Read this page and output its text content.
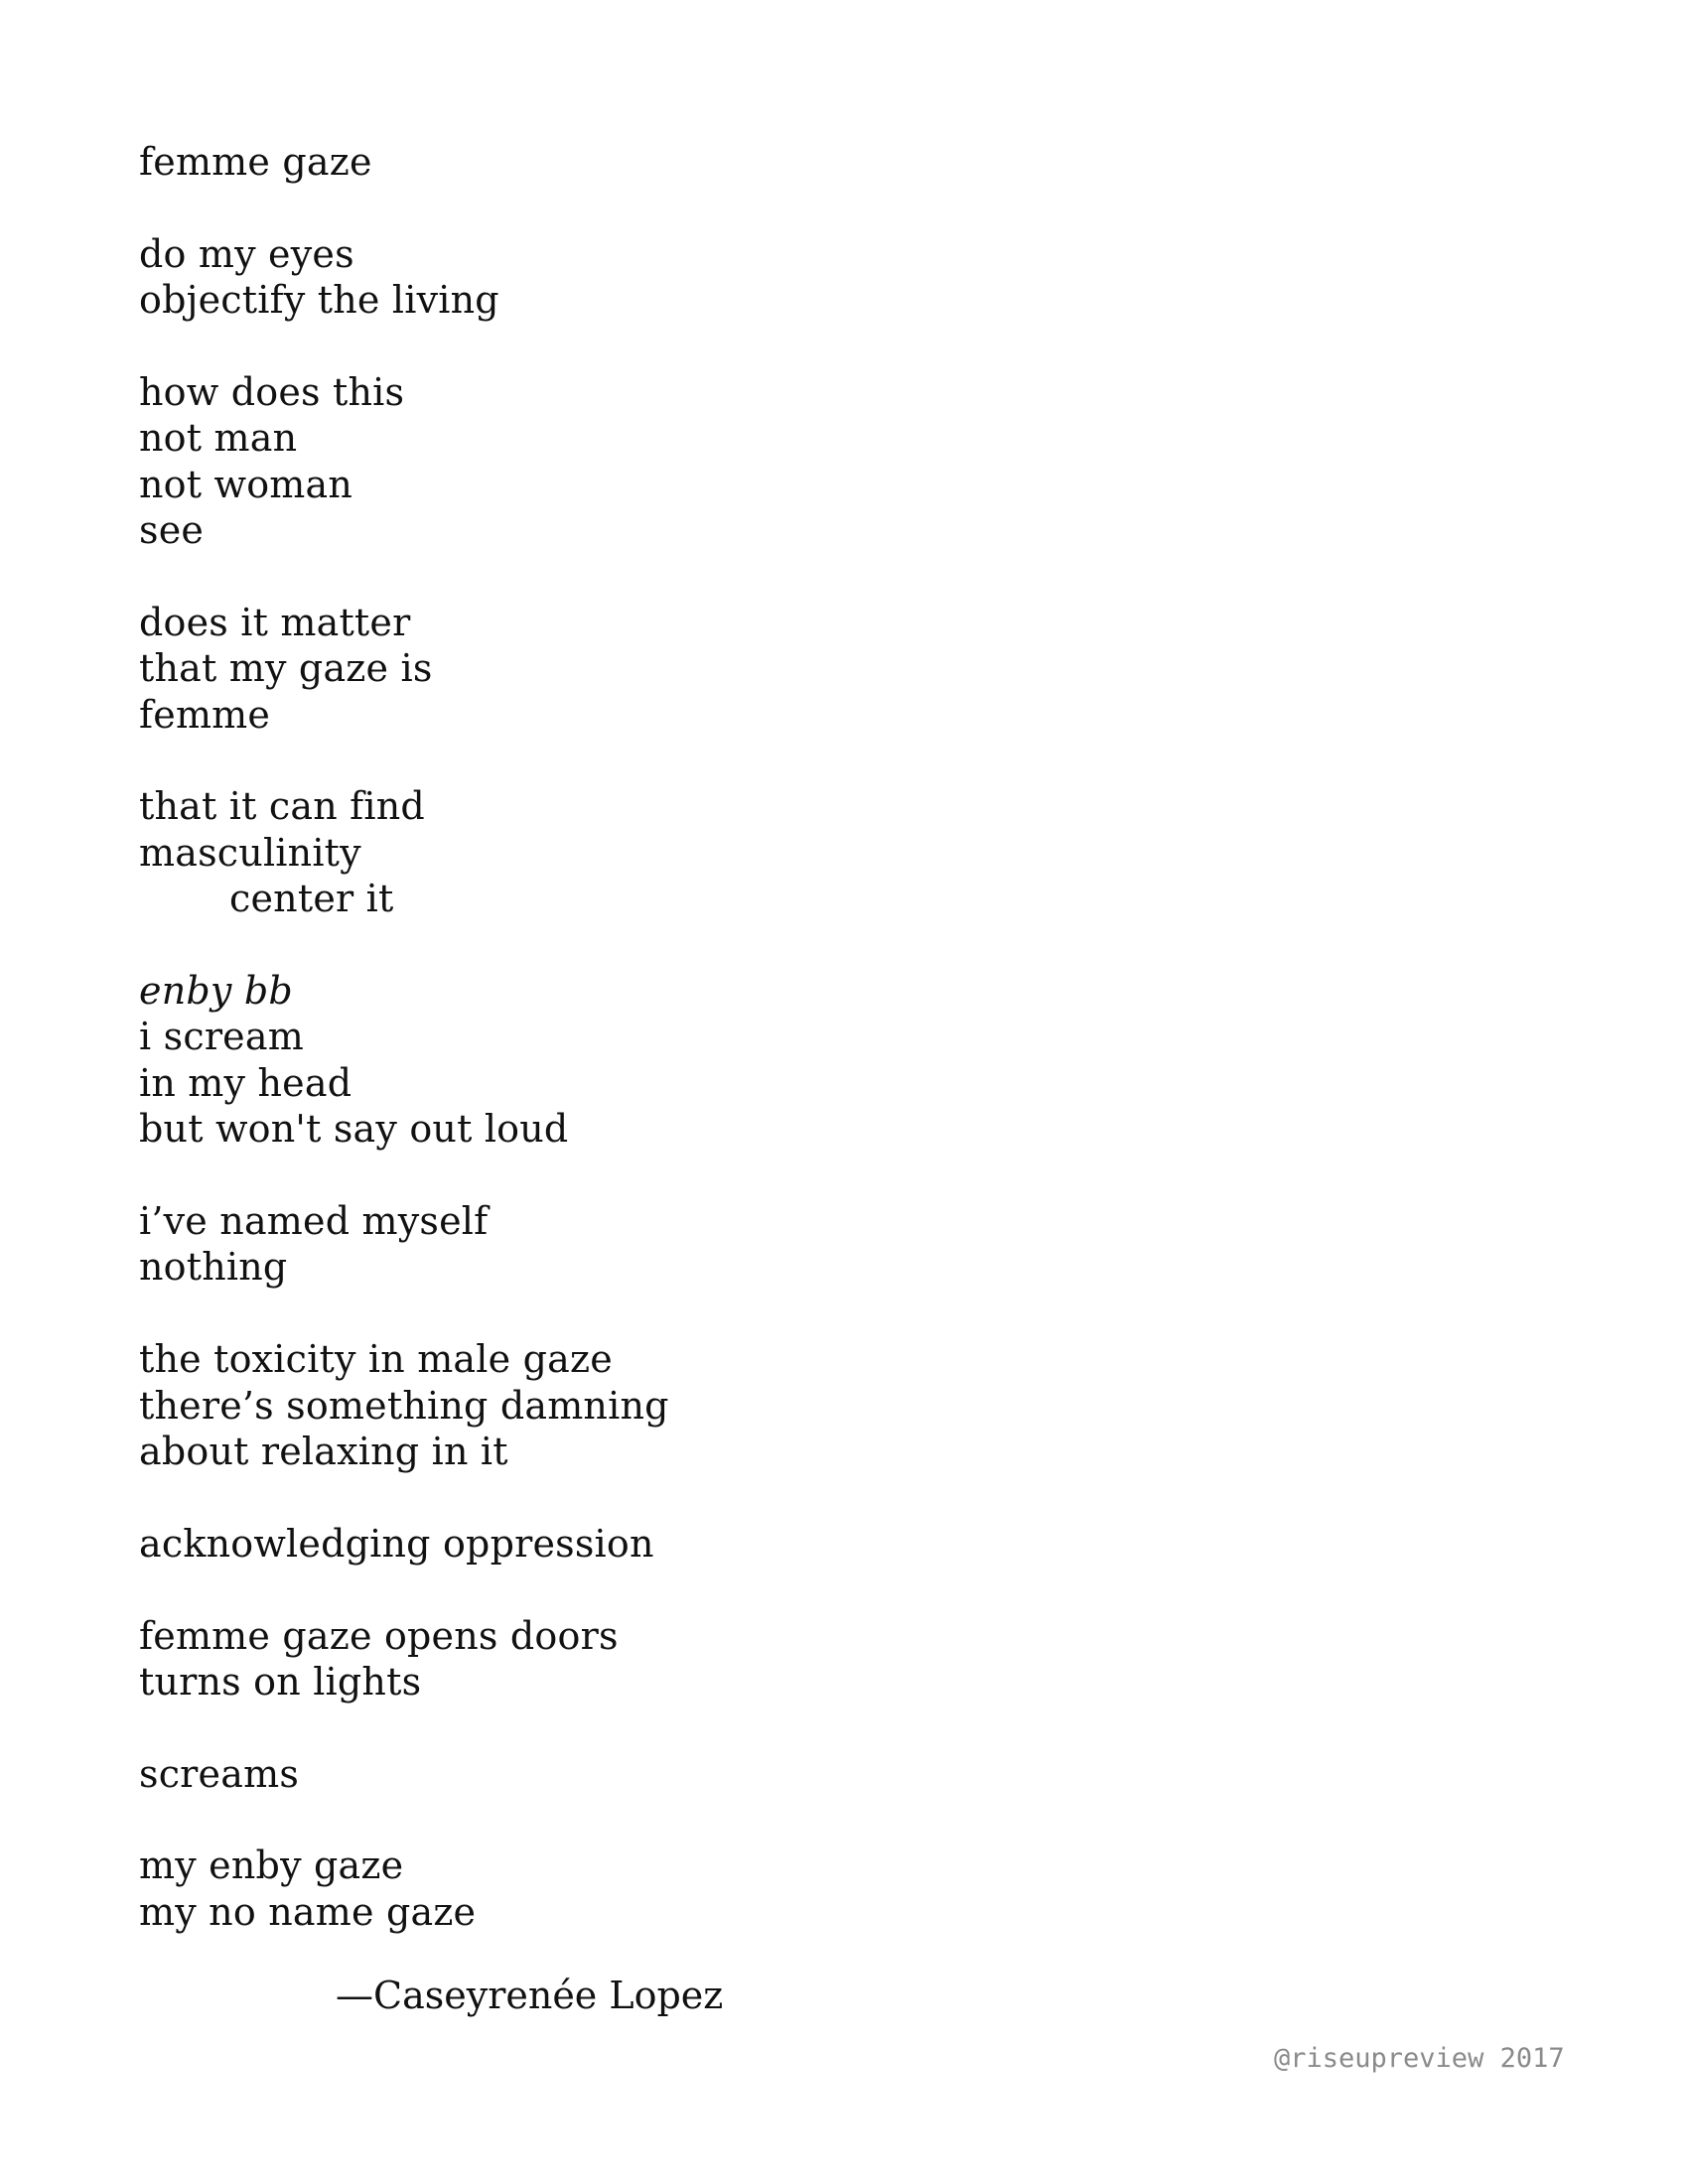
femme gaze
do my eyes
objectify the living
how does this
not man
not woman
see
does it matter
that my gaze is
femme
that it can find
masculinity
center it
enby bb
i scream
in my head
but won't say out loud
i’ve named myself
nothing
the toxicity in male gaze
there’s something damning
about relaxing in it
acknowledging oppression
femme gaze opens doors
turns on lights
screams
my enby gaze
my no name gaze
—Caseyrenée Lopez
@riseupreview 2017
